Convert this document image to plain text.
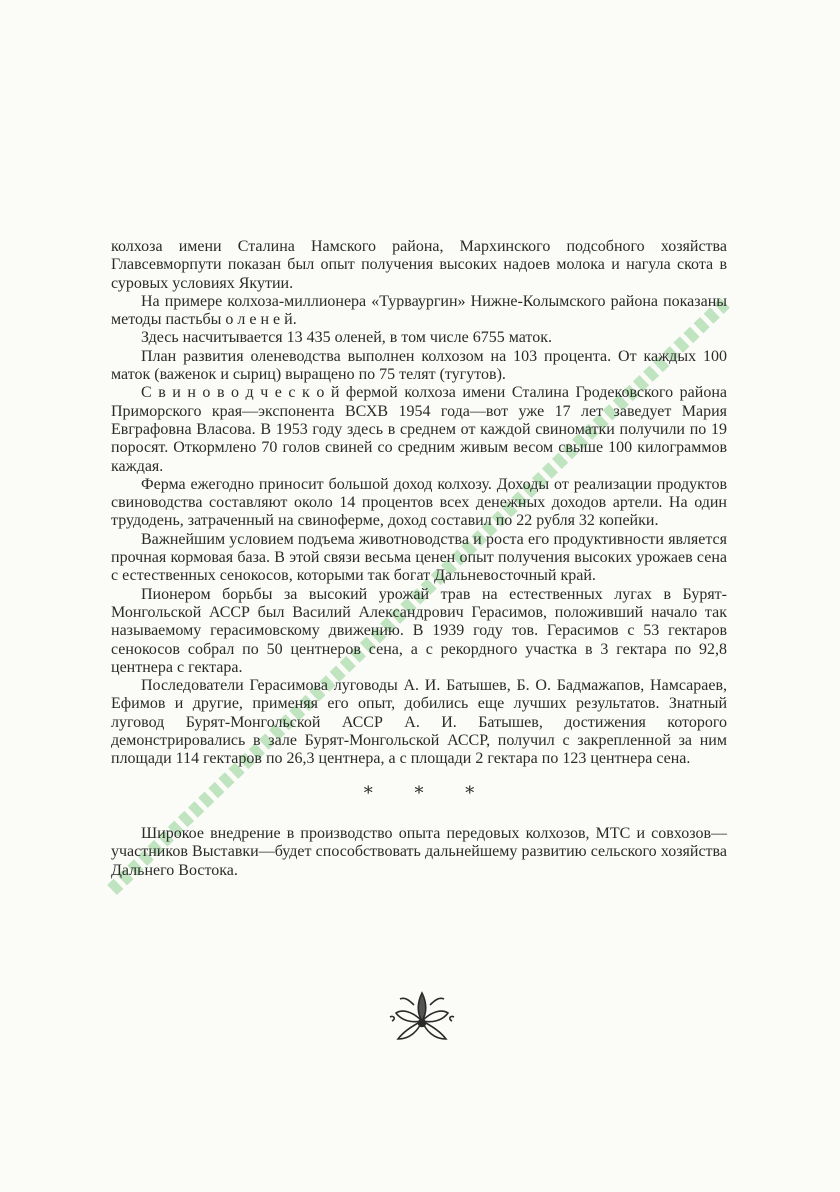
колхоза имени Сталина Намского района, Мархинского подсобного хозяйства Главсевморпути показан был опыт получения высоких надоев молока и нагула скота в суровых условиях Якутии.

На примере колхоза-миллионера «Турваургин» Нижне-Колымского района показаны методы пастьбы о л е н е й.

Здесь насчитывается 13 435 оленей, в том числе 6755 маток.

План развития оленеводства выполнен колхозом на 103 процента. От каждых 100 маток (важенок и сыриц) выращено по 75 телят (тугутов).

С в и н о в о д ч е с к о й фермой колхоза имени Сталина Гродековского района Приморского края—экспонента ВСХВ 1954 года—вот уже 17 лет заведует Мария Евграфовна Власова. В 1953 году здесь в среднем от каждой свиноматки получили по 19 поросят. Откормлено 70 голов свиней со средним живым весом свыше 100 килограммов каждая.

Ферма ежегодно приносит большой доход колхозу. Доходы от реализации продуктов свиноводства составляют около 14 процентов всех денежных доходов артели. На один трудодень, затраченный на свиноферме, доход составил по 22 рубля 32 копейки.

Важнейшим условием подъема животноводства и роста его продуктивности является прочная кормовая база. В этой связи весьма ценен опыт получения высоких урожаев сена с естественных сенокосов, которыми так богат Дальневосточный край.

Пионером борьбы за высокий урожай трав на естественных лугах в Бурят-Монгольской АССР был Василий Александрович Герасимов, положивший начало так называемому герасимовскому движению. В 1939 году тов. Герасимов с 53 гектаров сенокосов собрал по 50 центнеров сена, а с рекордного участка в 3 гектара по 92,8 центнера с гектара.

Последователи Герасимова луговоды А. И. Батышев, Б. О. Бадмажапов, Намсараев, Ефимов и другие, применяя его опыт, добились еще лучших результатов. Знатный луговод Бурят-Монгольской АССР А. И. Батышев, достижения которого демонстрировались в зале Бурят-Монгольской АССР, получил с закрепленной за ним площади 114 гектаров по 26,3 центнера, а с площади 2 гектара по 123 центнера сена.

* * *

Широкое внедрение в производство опыта передовых колхозов, МТС и совхозов—участников Выставки—будет способствовать дальнейшему развитию сельского хозяйства Дальнего Востока.
